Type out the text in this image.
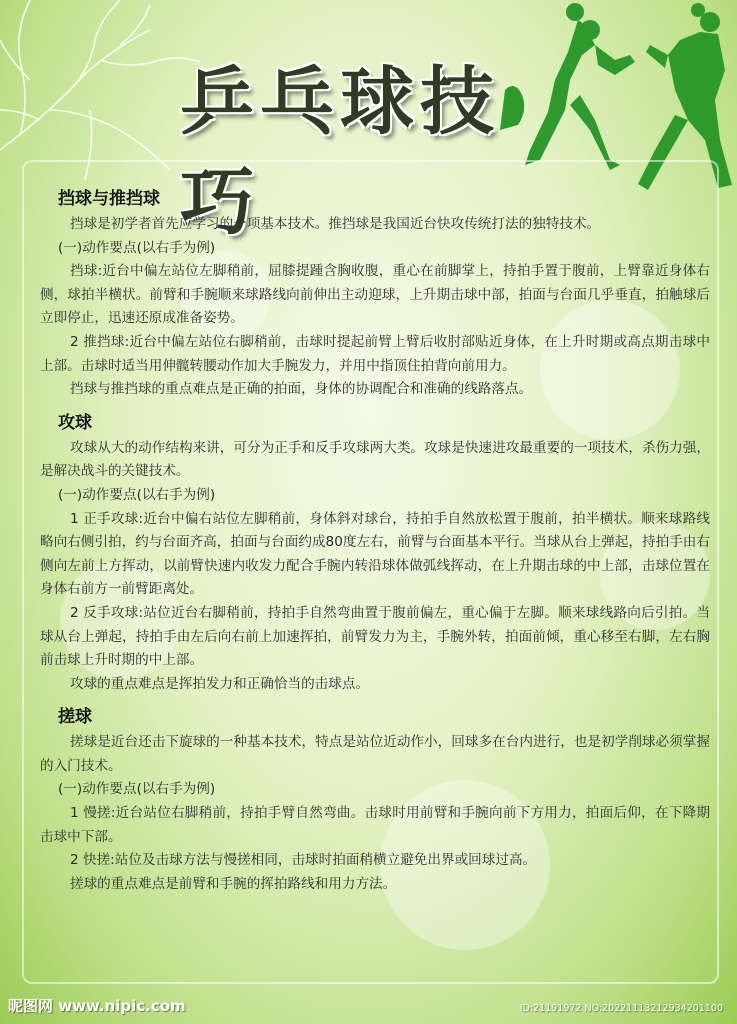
乒乓球技巧
挡球与推挡球

挡球是初学者首先应学习的一项基本技术。推挡球是我国近台快攻传统打法的独特技术。

(一)动作要点(以右手为例)

挡球:近台中偏左站位左脚稍前，屈膝提踵含胸收腹，重心在前脚掌上，持拍手置于腹前，上臂靠近身体右侧，球拍半横状。前臂和手腕顺来球路线向前伸出主动迎球，上升期击球中部，拍面与台面几乎垂直，拍触球后立即停止，迅速还原成准备姿势。

2 推挡球:近台中偏左站位右脚稍前，击球时提起前臂上臂后收肘部贴近身体，在上升时期或高点期击球中上部。击球时适当用伸髋转腰动作加大手腕发力，并用中指顶住拍背向前用力。

挡球与推挡球的重点难点是正确的拍面，身体的协调配合和准确的线路落点。

攻球

攻球从大的动作结构来讲，可分为正手和反手攻球两大类。攻球是快速进攻最重要的一项技术，杀伤力强，是解决战斗的关键技术。

(一)动作要点(以右手为例)

1 正手攻球:近台中偏右站位左脚稍前，身体斜对球台，持拍手自然放松置于腹前，拍半横状。顺来球路线略向右侧引拍，约与台面齐高，拍面与台面约成80度左右，前臂与台面基本平行。当球从台上弹起，持拍手由右侧向左前上方挥动，以前臂快速内收发力配合手腕内转沿球体做弧线挥动，在上升期击球的中上部，击球位置在身体右前方一前臂距离处。

2 反手攻球:站位近台右脚稍前，持拍手自然弯曲置于腹前偏左，重心偏于左脚。顺来球线路向后引拍。当球从台上弹起，持拍手由左后向右前上加速挥拍，前臂发力为主，手腕外转，拍面前倾，重心移至右脚，左右胸前击球上升时期的中上部。

攻球的重点难点是挥拍发力和正确恰当的击球点。

搓球

搓球是近台还击下旋球的一种基本技术，特点是站位近动作小，回球多在台内进行，也是初学削球必须掌握的入门技术。

(一)动作要点(以右手为例)

1 慢搓:近台站位右脚稍前，持拍手臂自然弯曲。击球时用前臂和手腕向前下方用力，拍面后仰，在下降期击球中下部。

2 快搓:站位及击球方法与慢搓相同，击球时拍面稍横立避免出界或回球过高。

搓球的重点难点是前臂和手腕的挥拍路线和用力方法。

昵图网 www.nipic.com	ID:21191972 NO:20221113212934201100
